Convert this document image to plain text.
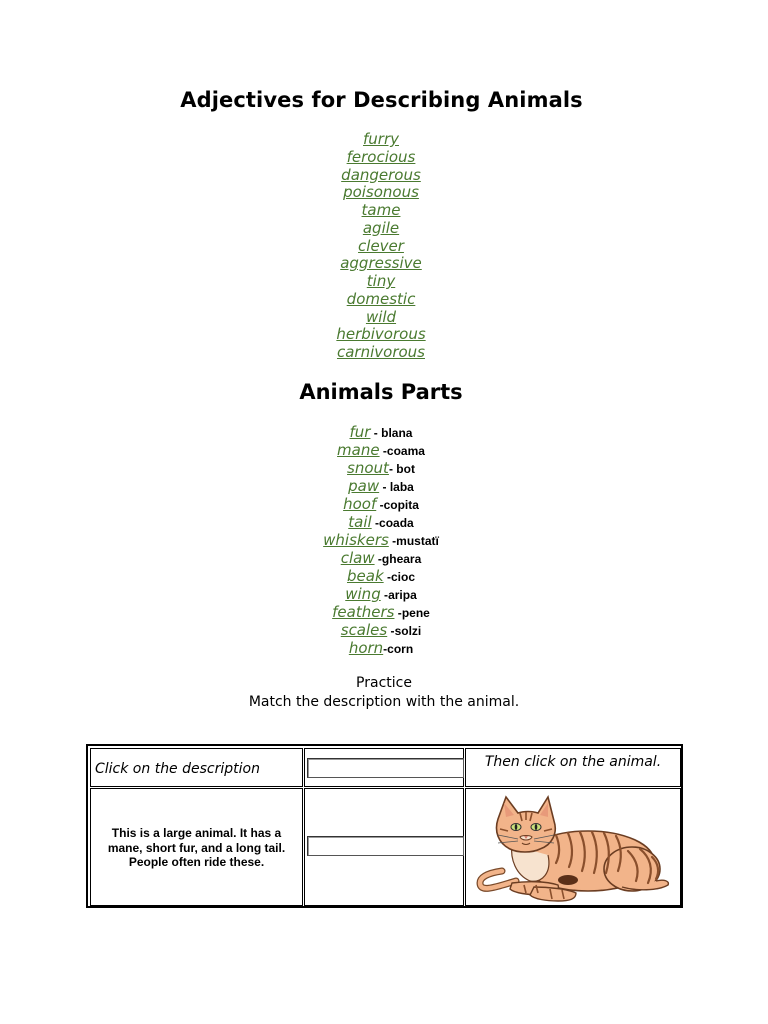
Adjectives for Describing Animals
furry
ferocious
dangerous
poisonous
tame
agile
clever
aggressive
tiny
domestic
wild
herbivorous
carnivorous
Animals Parts
fur - blana
mane -coama
snout- bot
paw - laba
hoof -copita
tail -coada
whiskers -mustatï
claw -gheara
beak -cioc
wing -aripa
feathers -pene
scales -solzi
horn-corn
Practice
Match the description with the animal.
Click on the description	Then click on the animal.
This is a large animal. It has a mane, short fur, and a long tail. People often ride these.
